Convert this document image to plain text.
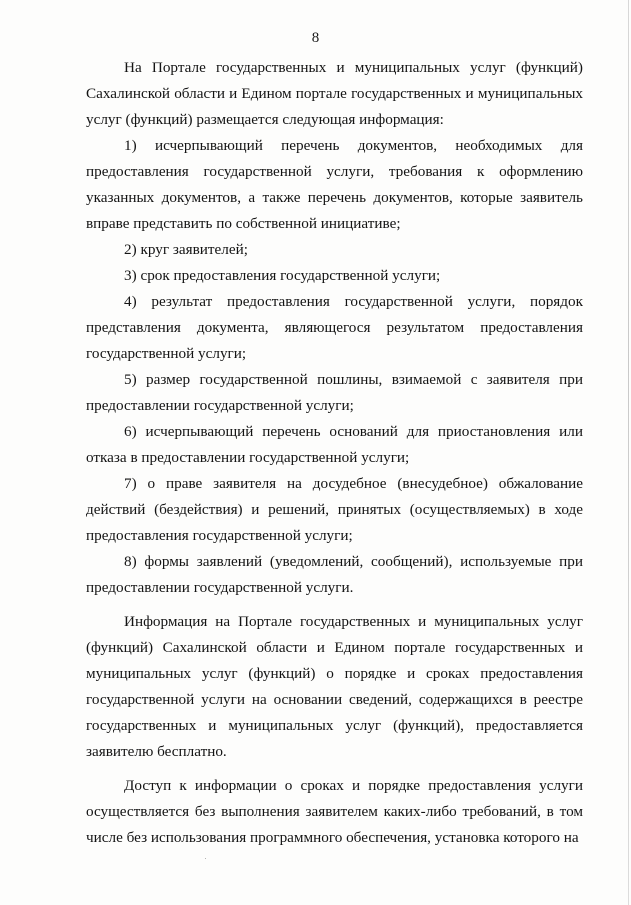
8

На Портале государственных и муниципальных услуг (функций) Сахалинской области и Едином портале государственных и муниципальных услуг (функций) размещается следующая информация:

1) исчерпывающий перечень документов, необходимых для предоставления государственной услуги, требования к оформлению указанных документов, а также перечень документов, которые заявитель вправе представить по собственной инициативе;

2) круг заявителей;

3) срок предоставления государственной услуги;

4) результат предоставления государственной услуги, порядок представления документа, являющегося результатом предоставления государственной услуги;

5) размер государственной пошлины, взимаемой с заявителя при предоставлении государственной услуги;

6) исчерпывающий перечень оснований для приостановления или отказа в предоставлении государственной услуги;

7) о праве заявителя на досудебное (внесудебное) обжалование действий (бездействия) и решений, принятых (осуществляемых) в ходе предоставления государственной услуги;

8) формы заявлений (уведомлений, сообщений), используемые при предоставлении государственной услуги.

Информация на Портале государственных и муниципальных услуг (функций) Сахалинской области и Едином портале государственных и муниципальных услуг (функций) о порядке и сроках предоставления государственной услуги на основании сведений, содержащихся в реестре государственных и муниципальных услуг (функций), предоставляется заявителю бесплатно.

Доступ к информации о сроках и порядке предоставления услуги осуществляется без выполнения заявителем каких-либо требований, в том числе без использования программного обеспечения, установка которого на
